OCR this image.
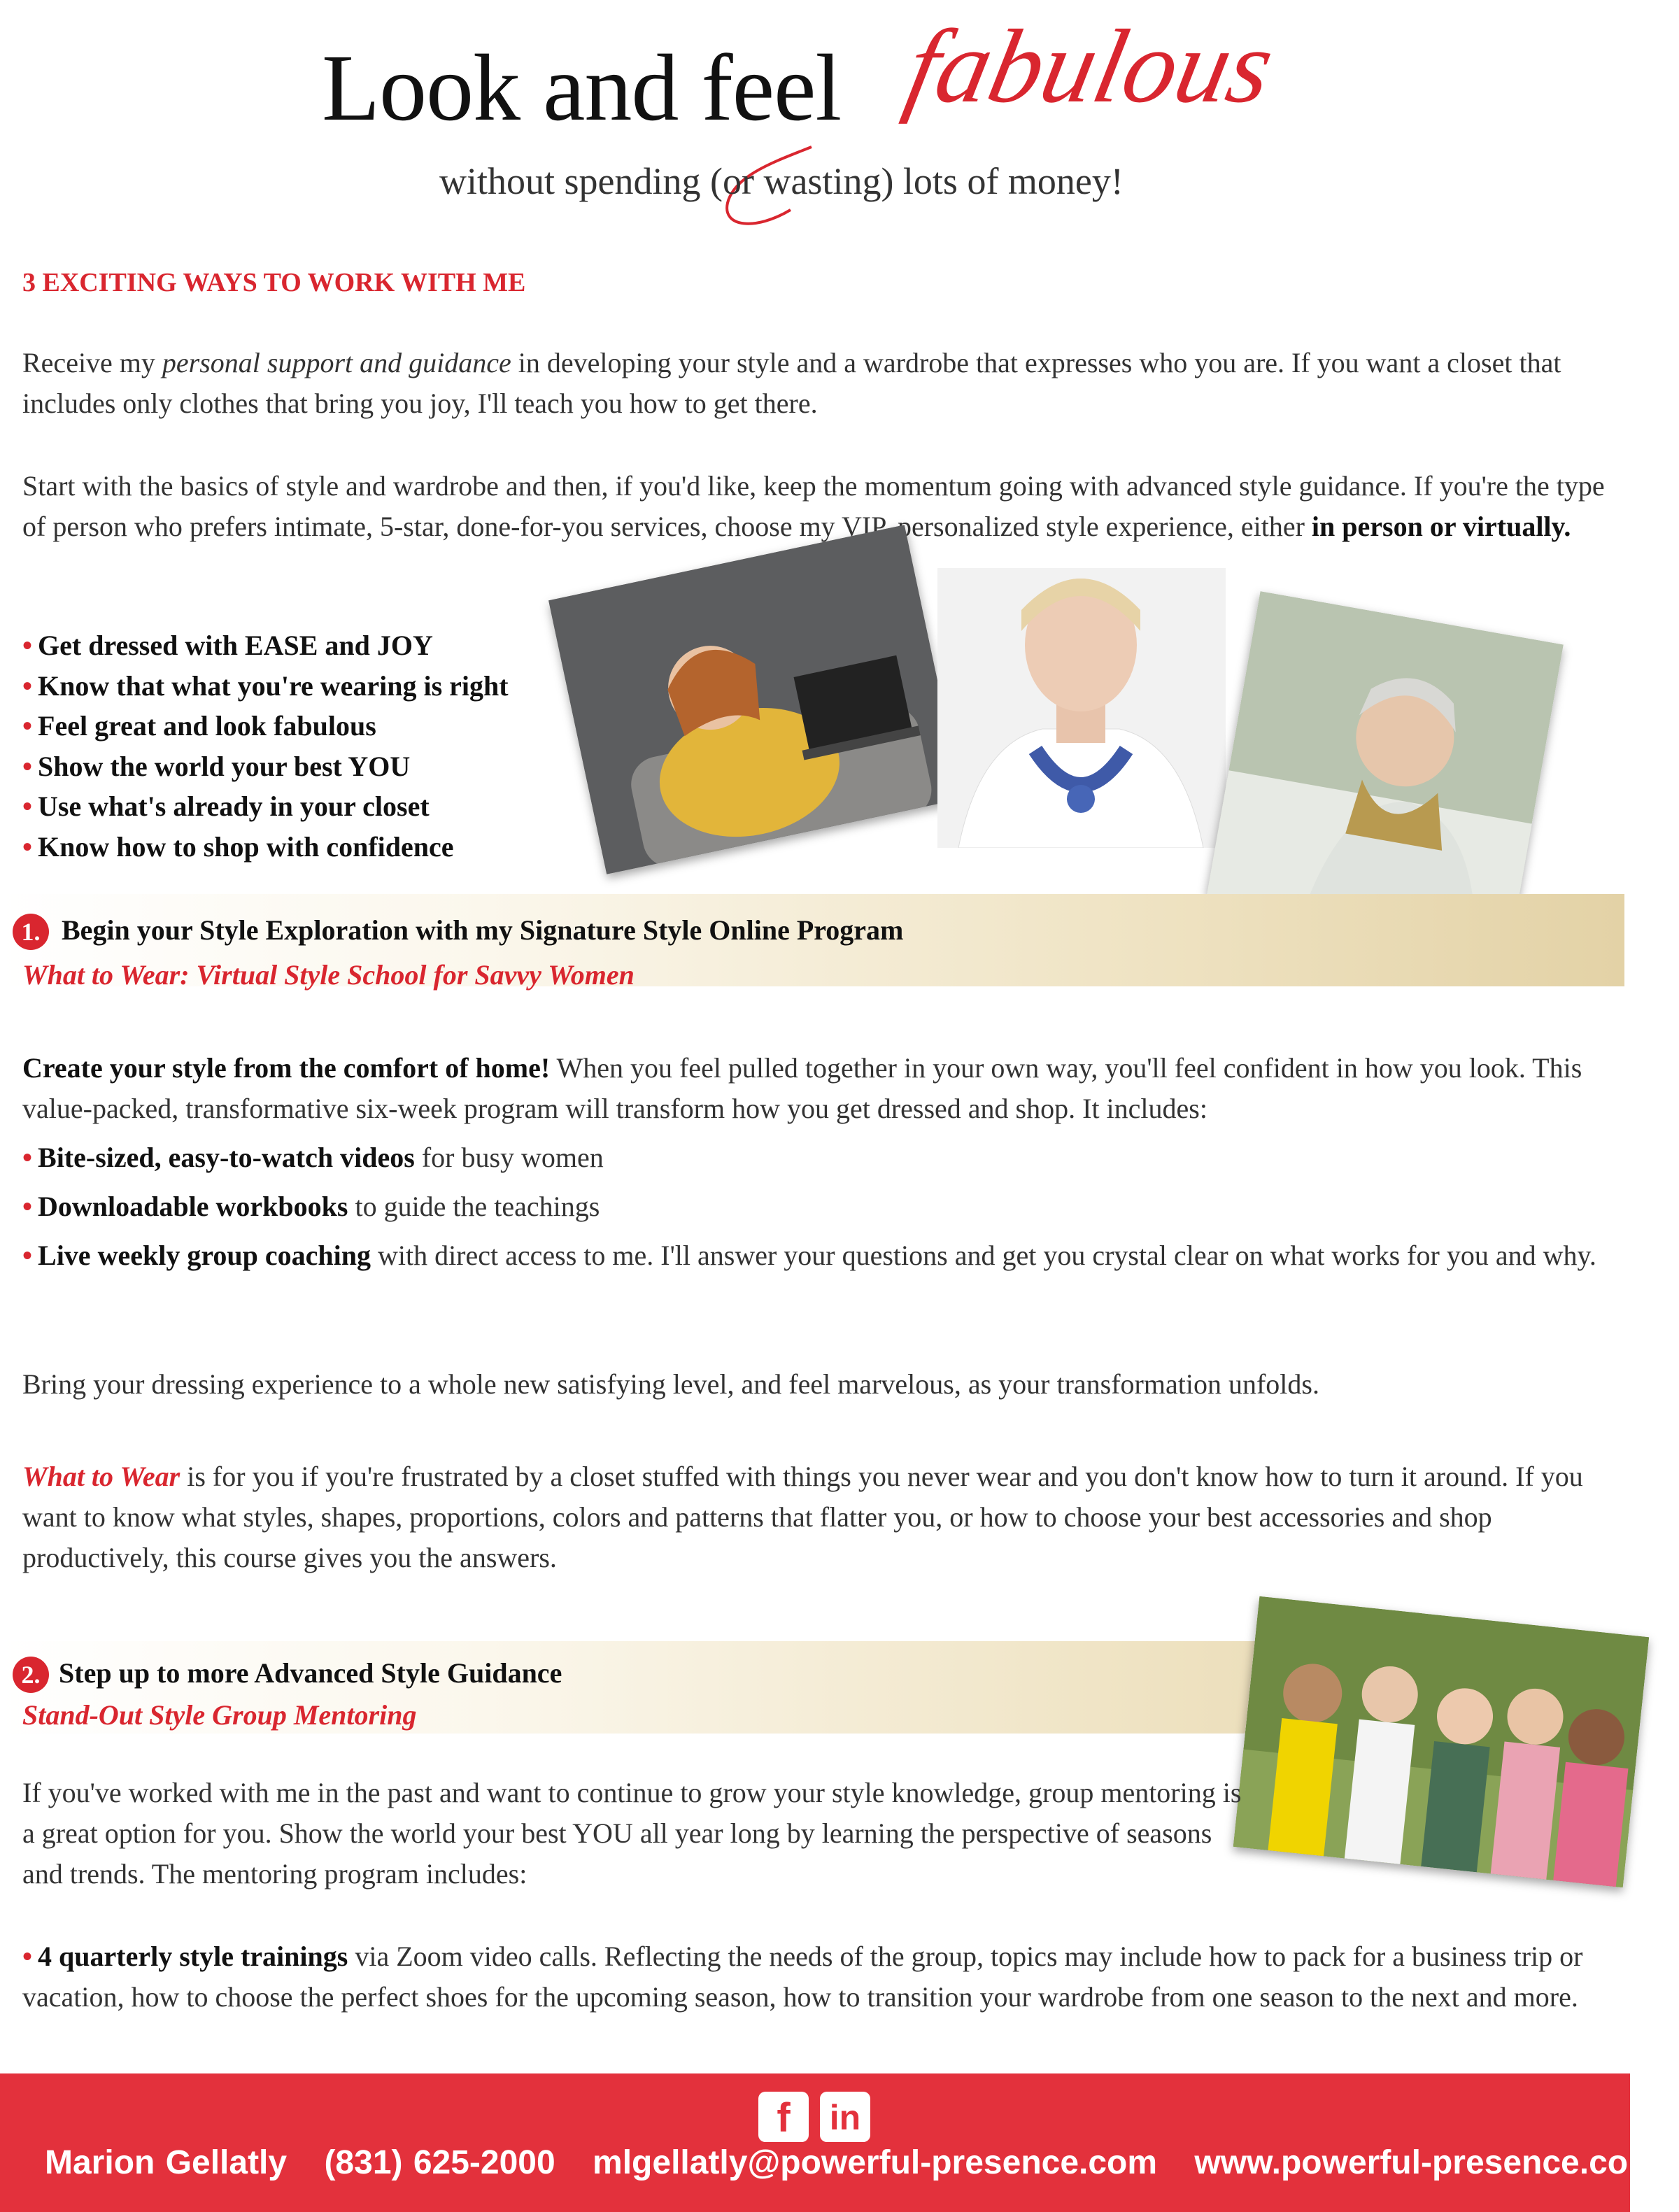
Look and feel fabulous
without spending (or wasting) lots of money!
3 EXCITING WAYS TO WORK WITH ME
Receive my personal support and guidance in developing your style and a wardrobe that expresses who you are. If you want a closet that includes only clothes that bring you joy, I'll teach you how to get there.
Start with the basics of style and wardrobe and then, if you'd like, keep the momentum going with advanced style guidance. If you're the type of person who prefers intimate, 5-star, done-for-you services, choose my VIP, personalized style experience, either in person or virtually.
• Get dressed with EASE and JOY
• Know that what you're wearing is right
• Feel great and look fabulous
• Show the world your best YOU
• Use what's already in your closet
• Know how to shop with confidence
1. Begin your Style Exploration with my Signature Style Online Program
What to Wear: Virtual Style School for Savvy Women
Create your style from the comfort of home! When you feel pulled together in your own way, you'll feel confident in how you look. This value-packed, transformative six-week program will transform how you get dressed and shop. It includes:
• Bite-sized, easy-to-watch videos for busy women
• Downloadable workbooks to guide the teachings
• Live weekly group coaching with direct access to me. I'll answer your questions and get you crystal clear on what works for you and why.
Bring your dressing experience to a whole new satisfying level, and feel marvelous, as your transformation unfolds.
What to Wear is for you if you're frustrated by a closet stuffed with things you never wear and you don't know how to turn it around. If you want to know what styles, shapes, proportions, colors and patterns that flatter you, or how to choose your best accessories and shop productively, this course gives you the answers.
2. Step up to more Advanced Style Guidance
Stand-Out Style Group Mentoring
If you've worked with me in the past and want to continue to grow your style knowledge, group mentoring is a great option for you. Show the world your best YOU all year long by learning the perspective of seasons and trends. The mentoring program includes:
• 4 quarterly style trainings via Zoom video calls. Reflecting the needs of the group, topics may include how to pack for a business trip or vacation, how to choose the perfect shoes for the upcoming season, how to transition your wardrobe from one season to the next and more.
f	in
Marion Gellatly (831) 625-2000 mlgellatly@powerful-presence.com www.powerful-presence.com
